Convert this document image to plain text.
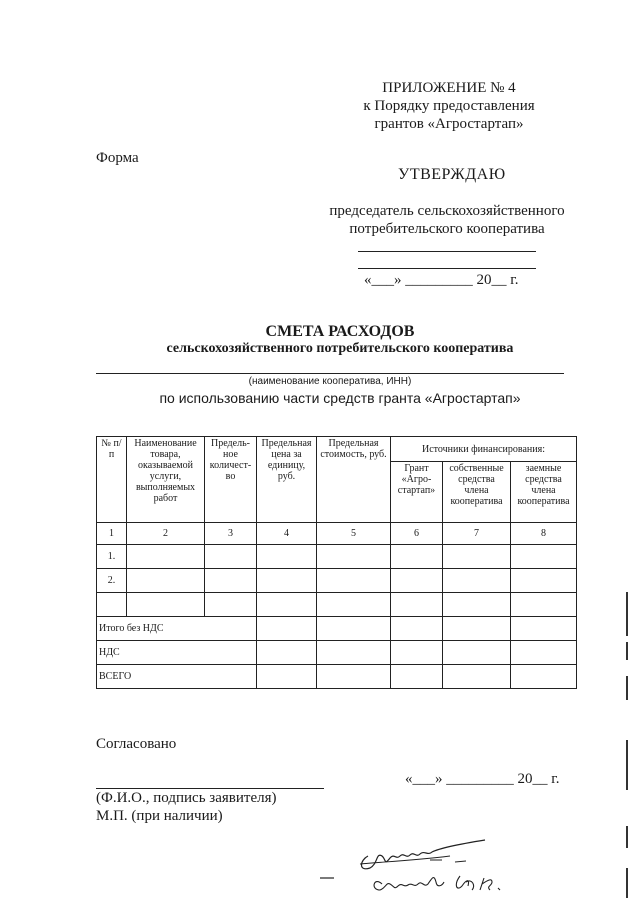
ПРИЛОЖЕНИЕ № 4
к Порядку предоставления
грантов «Агростартап»
Форма
УТВЕРЖДАЮ
председатель сельскохозяйственного
потребительского кооператива
«___» _________ 20__ г.
СМЕТА РАСХОДОВ
сельскохозяйственного потребительского кооператива
(наименование кооператива, ИНН)
по использованию части средств гранта «Агростартап»
№ п/п	Наименование товара, оказываемой услуги, выполняемых работ	Предель-ное количест-во	Предельная цена за единицу, руб.	Предельная стоимость, руб.	Источники финансирования:		
					Грант «Агро-стартап»	собственные средства члена кооператива	заемные средства члена кооператива
1	2	3	4	5	6	7	8
1.							
2.							

Итого без НДС							
НДС							
ВСЕГО							
Согласовано
«___» _________ 20__ г.
(Ф.И.О., подпись заявителя)
М.П. (при наличии)
